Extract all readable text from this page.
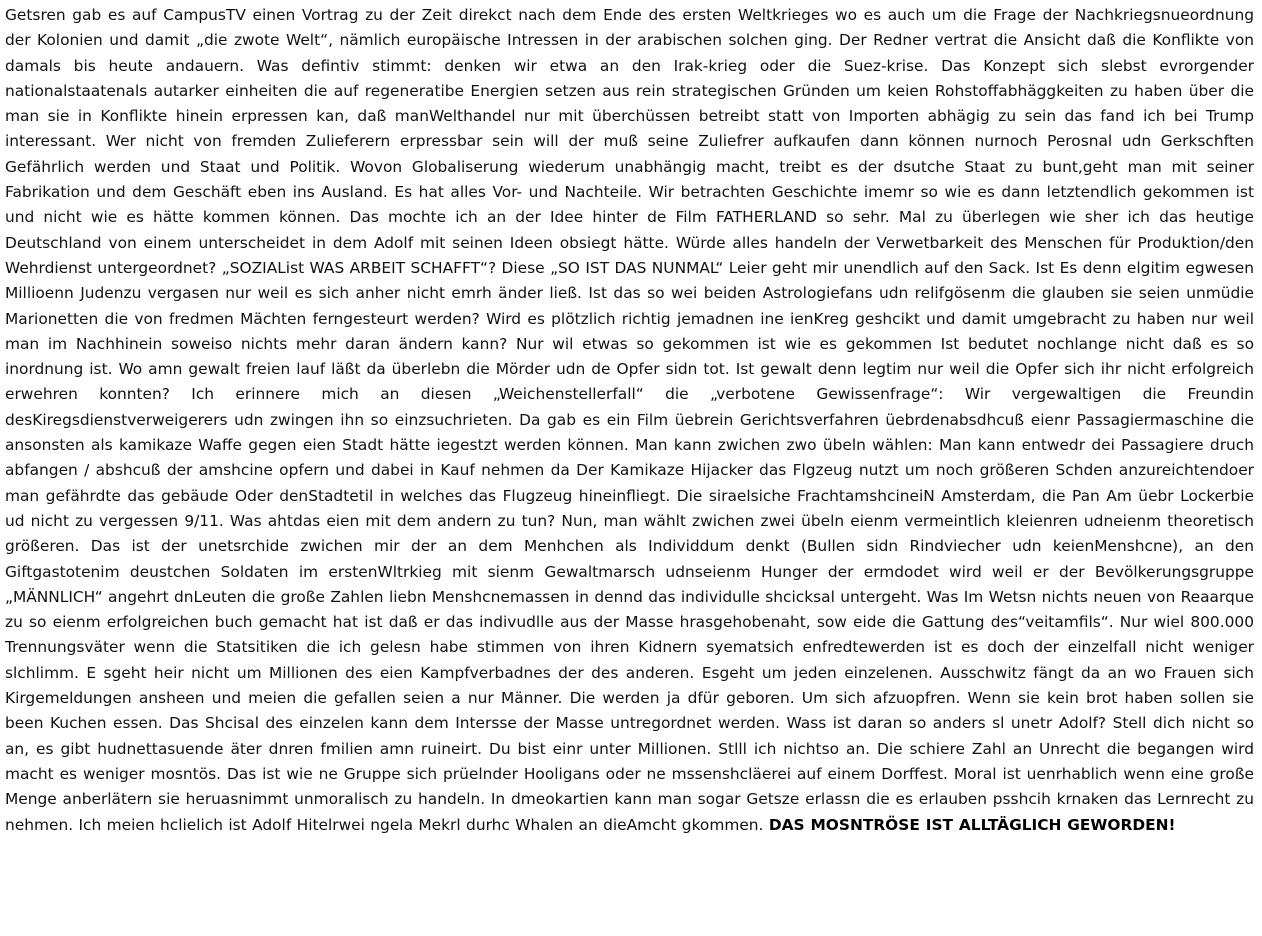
Getsren gab es auf CampusTV einen Vortrag zu der Zeit direkct nach dem Ende des ersten Weltkrieges wo es auch um die Frage der Nachkriegsnueordnung der Kolonien und damit „die zwote Welt“, nämlich europäische Intressen in der arabischen solchen ging. Der Redner vertrat die Ansicht daß die Konflikte von damals bis heute andauern. Was defintiv stimmt: denken wir etwa an den Irak-krieg oder die Suez-krise. Das Konzept sich slebst evrorgender nationalstaatenals autarker einheiten die auf regeneratibe Energien setzen aus rein strategischen Gründen um keien Rohstoffabhäggkeiten zu haben über die man sie in Konflikte hinein erpressen kan, daß manWelthandel nur mit überchüssen betreibt statt von Importen abhägig zu sein das fand ich bei Trump interessant. Wer nicht von fremden Zulieferern erpressbar sein will der muß seine Zuliefrer aufkaufen dann können nurnoch Perosnal udn Gerkschften Gefährlich werden und Staat und Politik. Wovon Globaliserung wiederum unabhängig macht, treibt es der dsutche Staat zu bunt,geht man mit seiner Fabrikation und dem Geschäft eben ins Ausland. Es hat alles Vor- und Nachteile. Wir betrachten Geschichte imemr so wie es dann letztendlich gekommen ist und nicht wie es hätte kommen können. Das mochte ich an der Idee hinter de Film FATHERLAND so sehr. Mal zu überlegen wie sher ich das heutige Deutschland von einem unterscheidet in dem Adolf mit seinen Ideen obsiegt hätte. Würde alles handeln der Verwetbarkeit des Menschen für Produktion/den Wehrdienst untergeordnet? „SOZIAList WAS ARBEIT SCHAFFT“? Diese „SO IST DAS NUNMAL“ Leier geht mir unendlich auf den Sack. Ist Es denn elgitim egwesen Millioenn Judenzu vergasen nur weil es sich anher nicht emrh änder ließ. Ist das so wei beiden Astrologiefans udn relifgösenm die glauben sie seien unmüdie Marionetten die von fredmen Mächten ferngesteurt werden? Wird es plötzlich richtig jemadnen ine ienKreg geshcikt und damit umgebracht zu haben nur weil man im Nachhinein soweiso nichts mehr daran ändern kann? Nur wil etwas so gekommen ist wie es gekommen Ist bedutet nochlange nicht daß es so inordnung ist. Wo amn gewalt freien lauf läßt da überlebn die Mörder udn de Opfer sidn tot. Ist gewalt denn legtim nur weil die Opfer sich ihr nicht erfolgreich erwehren konnten? Ich erinnere mich an diesen „Weichenstellerfall“ die „verbotene Gewissenfrage“: Wir vergewaltigen die Freundin desKiregsdienstverweigerers udn zwingen ihn so einzsuchrieten. Da gab es ein Film üebrein Gerichtsverfahren üebrdenabsdhcuß eienr Passagiermaschine die ansonsten als kamikaze Waffe gegen eien Stadt hätte iegestzt werden können. Man kann zwichen zwo übeln wählen: Man kann entwedr dei Passagiere druch abfangen / abshcuß der amshcine opfern und dabei in Kauf nehmen da Der Kamikaze Hijacker das Flgzeug nutzt um noch größeren Schden anzureichtendoer man gefährdte das gebäude Oder denStadtetil in welches das Flugzeug hineinfliegt. Die siraelsiche FrachtamshcineiN Amsterdam, die Pan Am üebr Lockerbie ud nicht zu vergessen 9/11. Was ahtdas eien mit dem andern zu tun? Nun, man wählt zwichen zwei übeln eienm vermeintlich kleienren udneienm theoretisch größeren. Das ist der unetsrchide zwichen mir der an dem Menhchen als Individdum denkt (Bullen sidn Rindviecher udn keienMenshcne), an den Giftgastotenim deustchen Soldaten im erstenWltrkieg mit sienm Gewaltmarsch udnseienm Hunger der ermdodet wird weil er der Bevölkerungsgruppe „MÄNNLICH“ angehrt dnLeuten die große Zahlen liebn Menshcnemassen in dennd das individulle shcicksal untergeht. Was Im Wetsn nichts neuen von Reaarque zu so eienm erfolgreichen buch gemacht hat ist daß er das indivudlle aus der Masse hrasgehobenaht, sow eide die Gattung des“veitamfils“. Nur wiel 800.000 Trennungsväter wenn die Statsitiken die ich gelesn habe stimmen von ihren Kidnern syematsich enfredtewerden ist es doch der einzelfall nicht weniger slchlimm. E sgeht heir nicht um Millionen des eien Kampfverbadnes der des anderen. Esgeht um jeden einzelenen. Ausschwitz fängt da an wo Frauen sich Kirgemeldungen ansheen und meien die gefallen seien a nur Männer. Die werden ja dfür geboren. Um sich afzuopfren. Wenn sie kein brot haben sollen sie been Kuchen essen. Das Shcisal des einzelen kann dem Intersse der Masse untregordnet werden. Wass ist daran so anders sl unetr Adolf? Stell dich nicht so an, es gibt hudnettasuende äter dnren fmilien amn ruineirt. Du bist einr unter Millionen. Stlll ich nichtso an. Die schiere Zahl an Unrecht die begangen wird macht es weniger mosntös. Das ist wie ne Gruppe sich prüelnder Hooligans oder ne mssenshcläerei auf einem Dorffest. Moral ist uenrhablich wenn eine große Menge anberlätern sie heruasnimmt unmoralisch zu handeln. In dmeokartien kann man sogar Getsze erlassn die es erlauben psshcih krnaken das Lernrecht zu nehmen. Ich meien hclielich ist Adolf Hitelrwei ngela Mekrl durhc Whalen an dieAmcht gkommen. DAS MOSNTRÖSE IST ALLTÄGLICH GEWORDEN!
